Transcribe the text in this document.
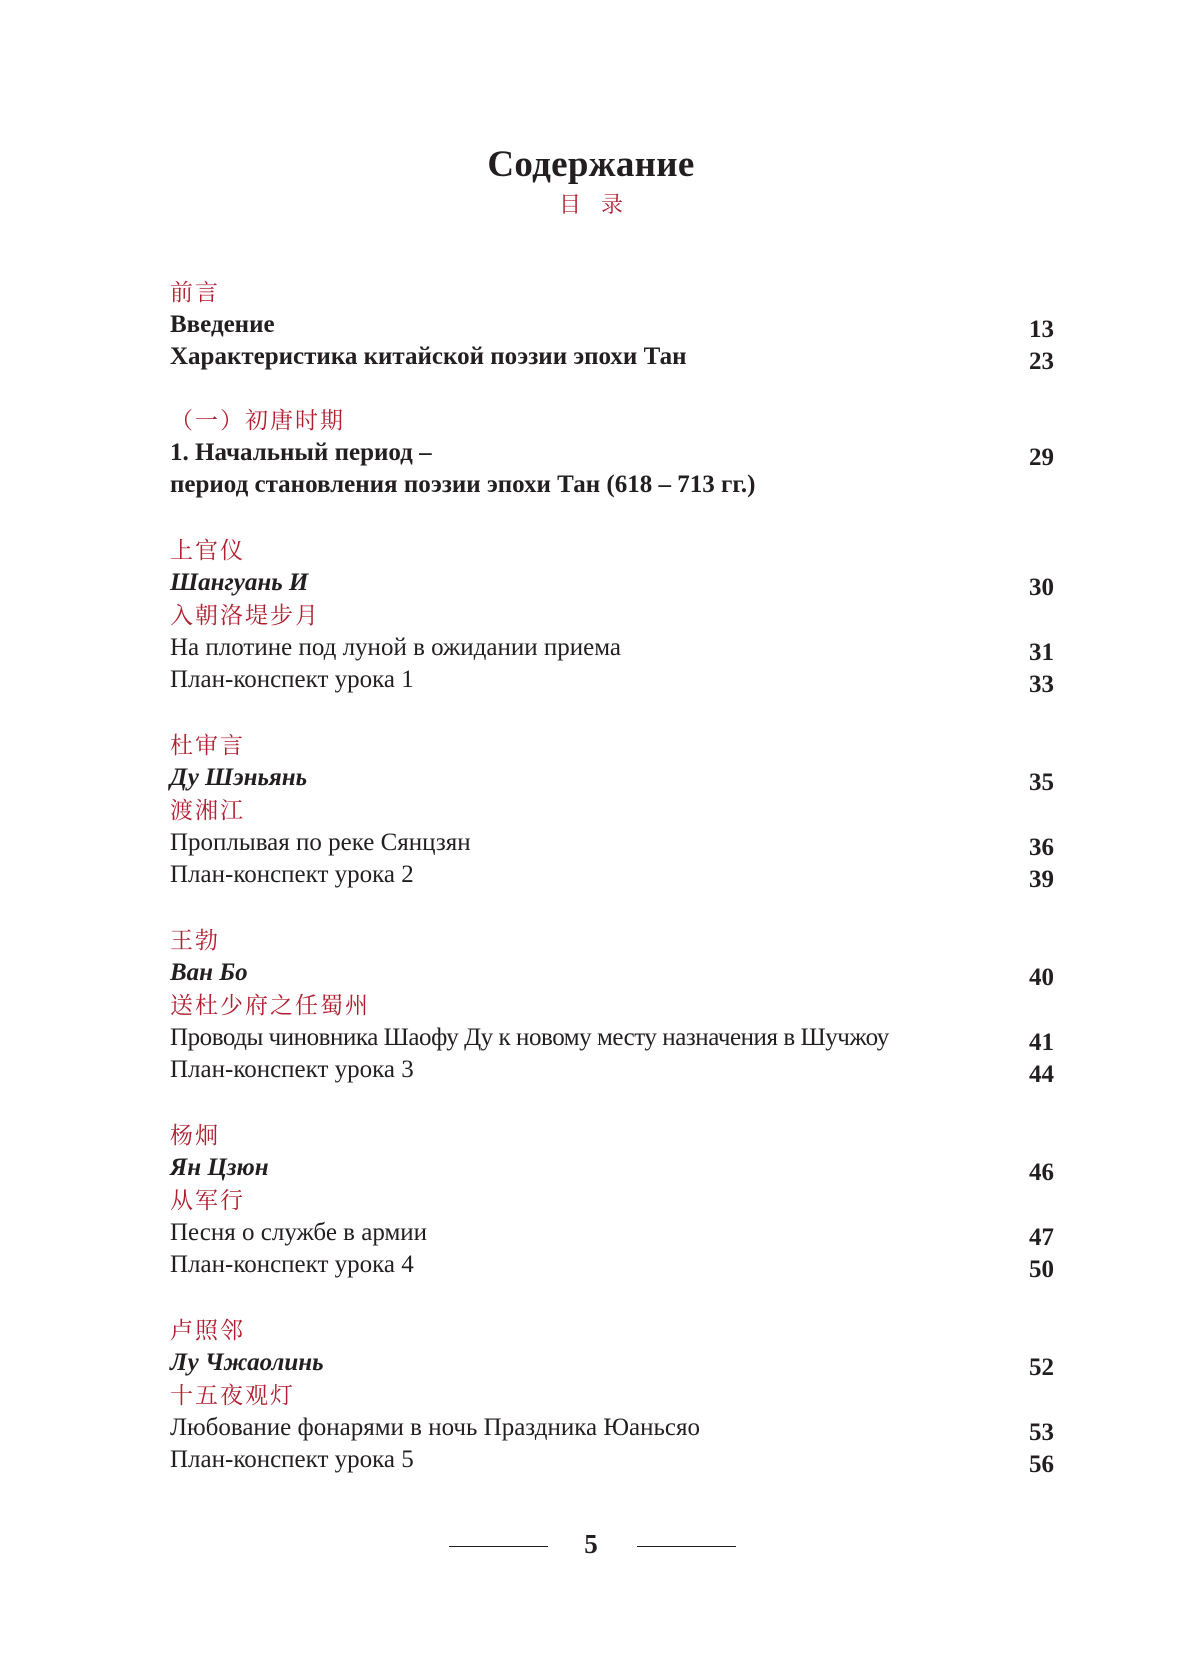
Содержание
目录
前言
Введение	13
Характеристика китайской поэзии эпохи Тан	23
（一）初唐时期
1. Начальный период –	29
период становления поэзии эпохи Тан (618 – 713 гг.)
上官仪
Шангуань И	30
入朝洛堤步月
На плотине под луной в ожидании приема	31
План-конспект урока 1	33
杜审言
Ду Шэньянь	35
渡湘江
Проплывая по реке Сянцзян	36
План-конспект урока 2	39
王勃
Ван Бо	40
送杜少府之任蜀州
Проводы чиновника Шаофу Ду к новому месту назначения в Шучжоу	41
План-конспект урока 3	44
杨炯
Ян Цзюн	46
从军行
Песня о службе в армии	47
План-конспект урока 4	50
卢照邻
Лу Чжаолинь	52
十五夜观灯
Любование фонарями в ночь Праздника Юаньсяо	53
План-конспект урока 5	56
5
